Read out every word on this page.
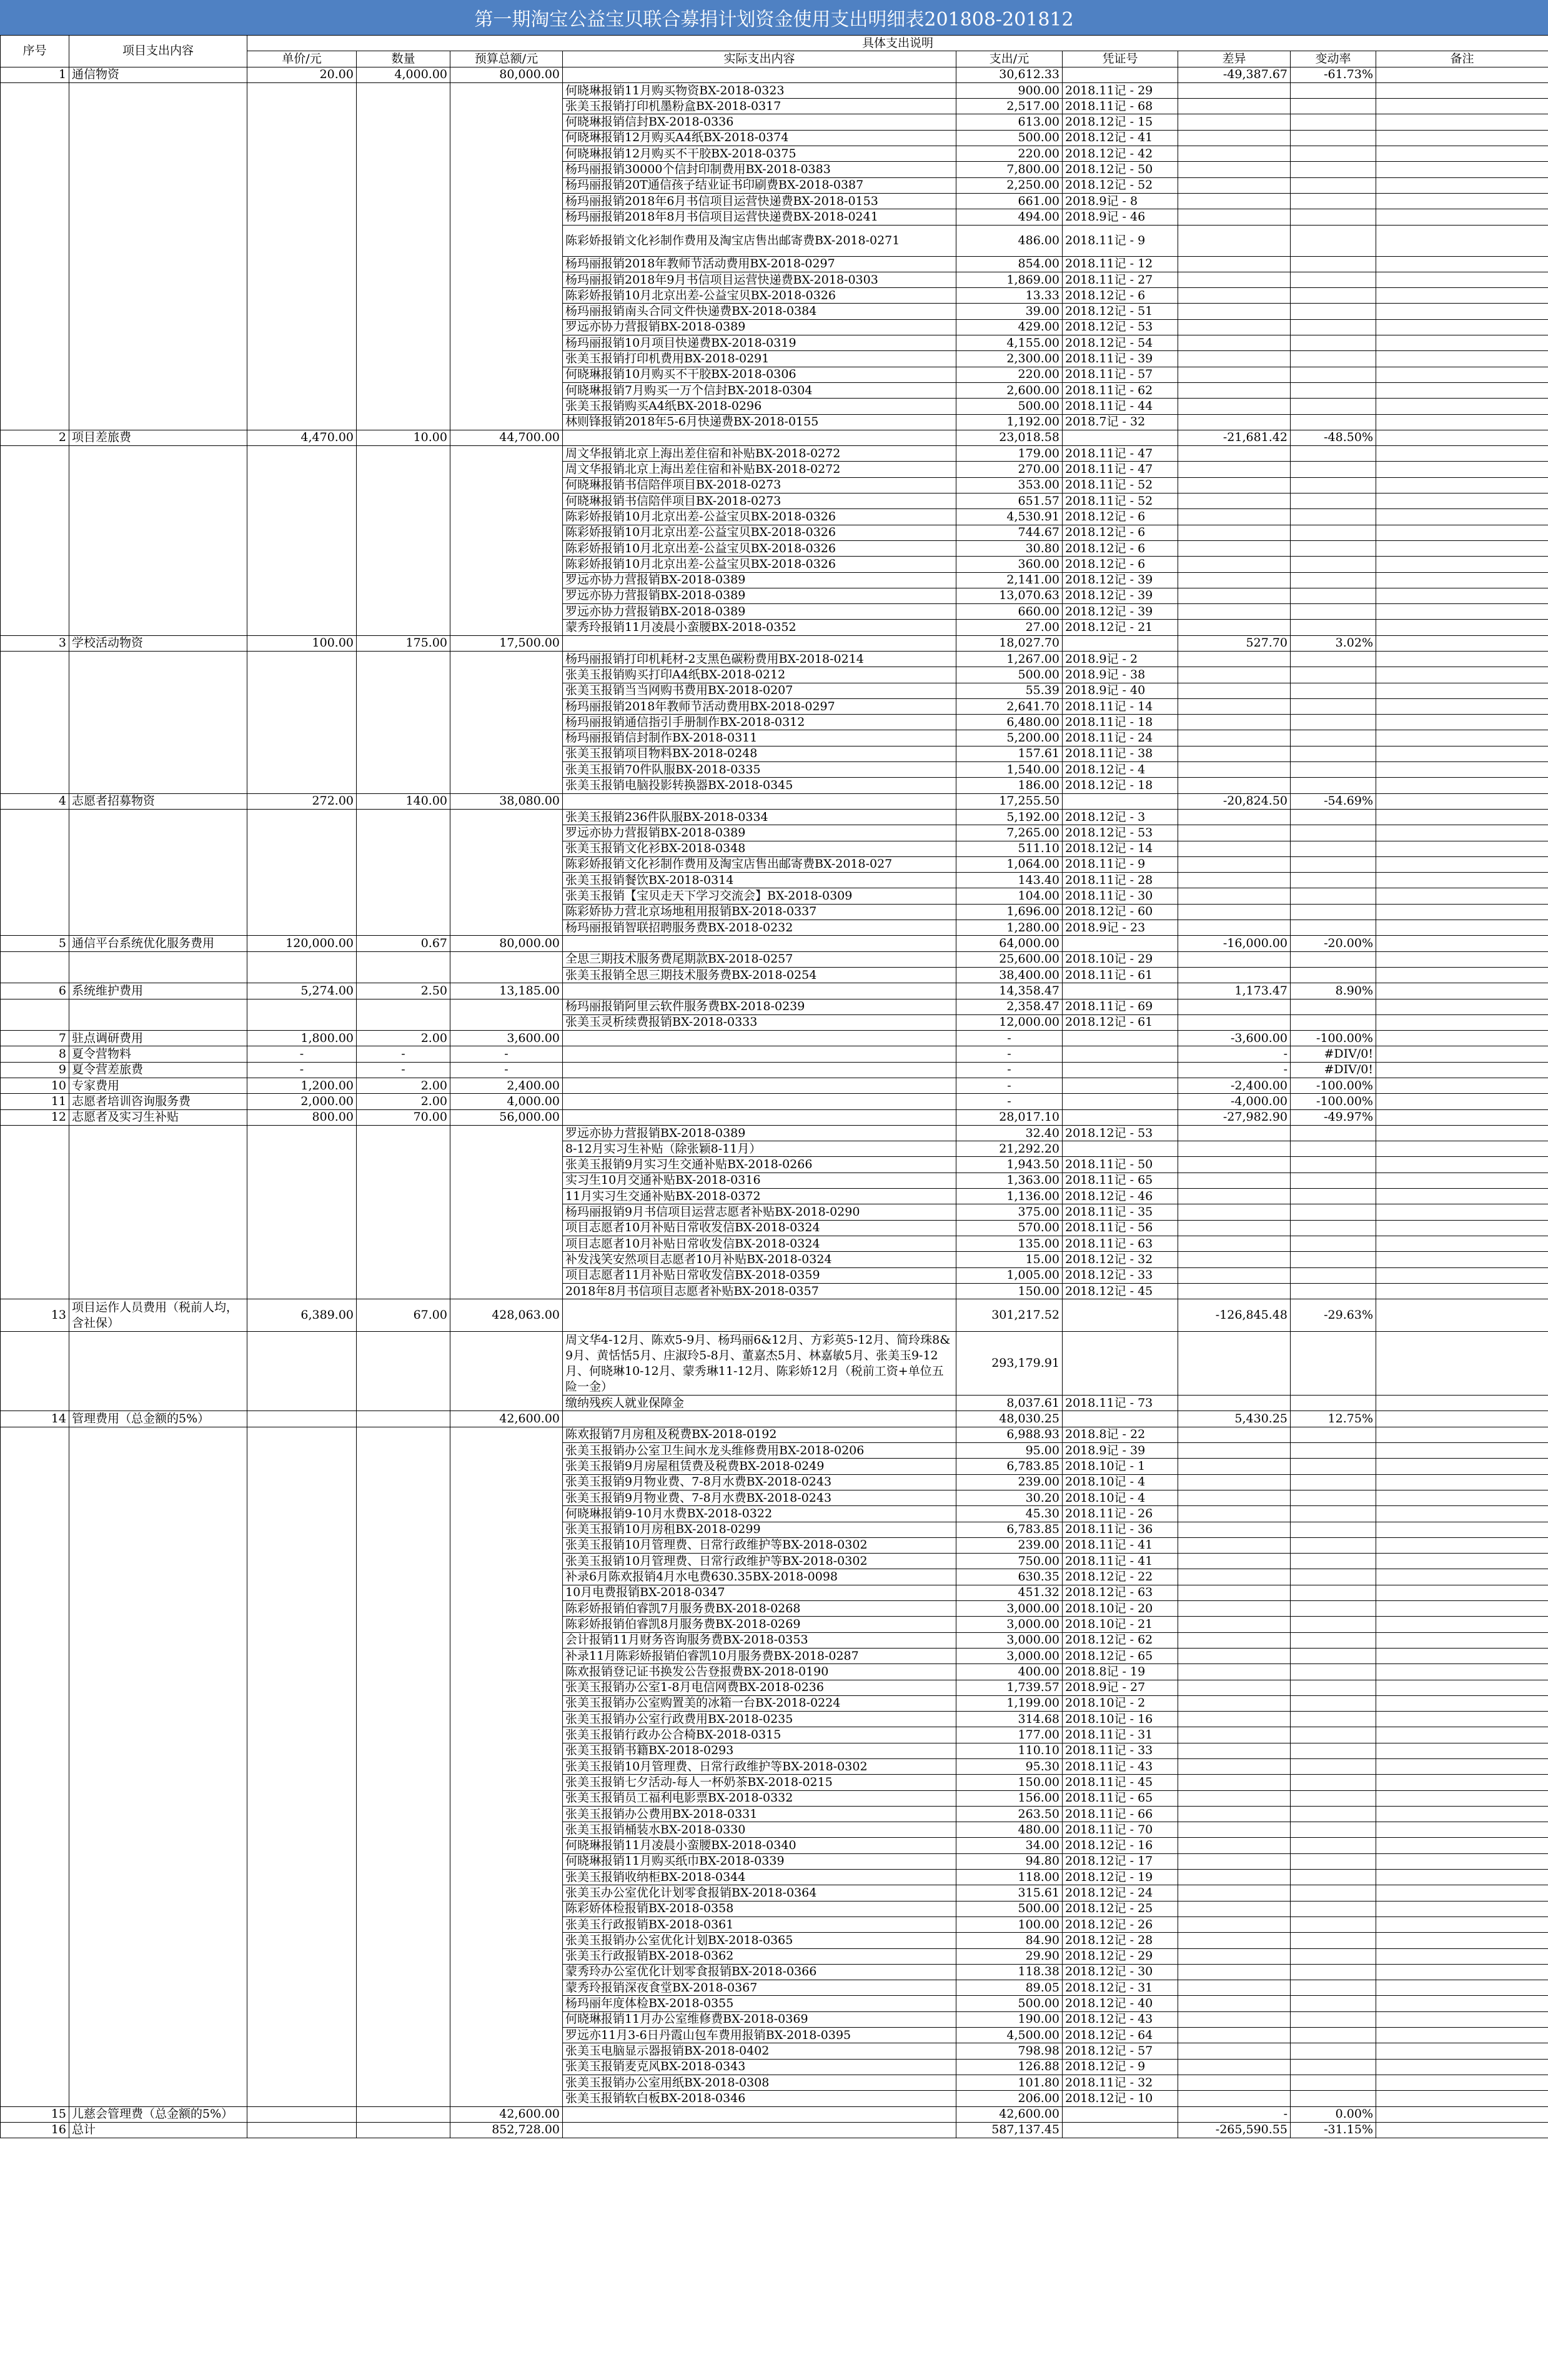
第一期淘宝公益宝贝联合募捐计划资金使用支出明细表201808-201812
序号	项目支出内容	具体支出说明								
		单价/元	数量	预算总额/元	实际支出内容	支出/元	凭证号	差异	变动率	备注
1	通信物资	20.00	4,000.00	80,000.00		30,612.33		-49,387.67	-61.73%	
					何晓琳报销11月购买物资BX-2018-0323	900.00	2018.11记 - 29			
					张美玉报销打印机墨粉盒BX-2018-0317	2,517.00	2018.11记 - 68			
					何晓琳报销信封BX-2018-0336	613.00	2018.12记 - 15			
					何晓琳报销12月购买A4纸BX-2018-0374	500.00	2018.12记 - 41			
					何晓琳报销12月购买不干胶BX-2018-0375	220.00	2018.12记 - 42			
					杨玛丽报销30000个信封印制费用BX-2018-0383	7,800.00	2018.12记 - 50			
					杨玛丽报销20T通信孩子结业证书印刷费BX-2018-0387	2,250.00	2018.12记 - 52			
					杨玛丽报销2018年6月书信项目运营快递费BX-2018-0153	661.00	2018.9记 - 8			
					杨玛丽报销2018年8月书信项目运营快递费BX-2018-0241	494.00	2018.9记 - 46			
					陈彩娇报销文化衫制作费用及淘宝店售出邮寄费BX-2018-0271	486.00	2018.11记 - 9			
					杨玛丽报销2018年教师节活动费用BX-2018-0297	854.00	2018.11记 - 12			
					杨玛丽报销2018年9月书信项目运营快递费BX-2018-0303	1,869.00	2018.11记 - 27			
					陈彩娇报销10月北京出差-公益宝贝BX-2018-0326	13.33	2018.12记 - 6			
					杨玛丽报销南头合同文件快递费BX-2018-0384	39.00	2018.12记 - 51			
					罗远亦协力营报销BX-2018-0389	429.00	2018.12记 - 53			
					杨玛丽报销10月项目快递费BX-2018-0319	4,155.00	2018.12记 - 54			
					张美玉报销打印机费用BX-2018-0291	2,300.00	2018.11记 - 39			
					何晓琳报销10月购买不干胶BX-2018-0306	220.00	2018.11记 - 57			
					何晓琳报销7月购买一万个信封BX-2018-0304	2,600.00	2018.11记 - 62			
					张美玉报销购买A4纸BX-2018-0296	500.00	2018.11记 - 44			
					林则锋报销2018年5-6月快递费BX-2018-0155	1,192.00	2018.7记 - 32			
2	项目差旅费	4,470.00	10.00	44,700.00		23,018.58		-21,681.42	-48.50%	
					周文华报销北京上海出差住宿和补贴BX-2018-0272	179.00	2018.11记 - 47			
					周文华报销北京上海出差住宿和补贴BX-2018-0272	270.00	2018.11记 - 47			
					何晓琳报销书信陪伴项目BX-2018-0273	353.00	2018.11记 - 52			
					何晓琳报销书信陪伴项目BX-2018-0273	651.57	2018.11记 - 52			
					陈彩娇报销10月北京出差-公益宝贝BX-2018-0326	4,530.91	2018.12记 - 6			
					陈彩娇报销10月北京出差-公益宝贝BX-2018-0326	744.67	2018.12记 - 6			
					陈彩娇报销10月北京出差-公益宝贝BX-2018-0326	30.80	2018.12记 - 6			
					陈彩娇报销10月北京出差-公益宝贝BX-2018-0326	360.00	2018.12记 - 6			
					罗远亦协力营报销BX-2018-0389	2,141.00	2018.12记 - 39			
					罗远亦协力营报销BX-2018-0389	13,070.63	2018.12记 - 39			
					罗远亦协力营报销BX-2018-0389	660.00	2018.12记 - 39			
					蒙秀玲报销11月凌晨小蛮腰BX-2018-0352	27.00	2018.12记 - 21			
3	学校活动物资	100.00	175.00	17,500.00		18,027.70		527.70	3.02%	
					杨玛丽报销打印机耗材-2支黑色碳粉费用BX-2018-0214	1,267.00	2018.9记 - 2			
					张美玉报销购买打印A4纸BX-2018-0212	500.00	2018.9记 - 38			
					张美玉报销当当网购书费用BX-2018-0207	55.39	2018.9记 - 40			
					杨玛丽报销2018年教师节活动费用BX-2018-0297	2,641.70	2018.11记 - 14			
					杨玛丽报销通信指引手册制作BX-2018-0312	6,480.00	2018.11记 - 18			
					杨玛丽报销信封制作BX-2018-0311	5,200.00	2018.11记 - 24			
					张美玉报销项目物料BX-2018-0248	157.61	2018.11记 - 38			
					张美玉报销70件队服BX-2018-0335	1,540.00	2018.12记 - 4			
					张美玉报销电脑投影转换器BX-2018-0345	186.00	2018.12记 - 18			
4	志愿者招募物资	272.00	140.00	38,080.00		17,255.50		-20,824.50	-54.69%	
					张美玉报销236件队服BX-2018-0334	5,192.00	2018.12记 - 3			
					罗远亦协力营报销BX-2018-0389	7,265.00	2018.12记 - 53			
					张美玉报销文化衫BX-2018-0348	511.10	2018.12记 - 14			
					陈彩娇报销文化衫制作费用及淘宝店售出邮寄费BX-2018-027	1,064.00	2018.11记 - 9			
					张美玉报销餐饮BX-2018-0314	143.40	2018.11记 - 28			
					张美玉报销【宝贝走天下学习交流会】BX-2018-0309	104.00	2018.11记 - 30			
					陈彩娇协力营北京场地租用报销BX-2018-0337	1,696.00	2018.12记 - 60			
					杨玛丽报销智联招聘服务费BX-2018-0232	1,280.00	2018.9记 - 23			
5	通信平台系统优化服务费用	120,000.00	0.67	80,000.00		64,000.00		-16,000.00	-20.00%	
					全思三期技术服务费尾期款BX-2018-0257	25,600.00	2018.10记 - 29			
					张美玉报销全思三期技术服务费BX-2018-0254	38,400.00	2018.11记 - 61			
6	系统维护费用	5,274.00	2.50	13,185.00		14,358.47		1,173.47	8.90%	
					杨玛丽报销阿里云软件服务费BX-2018-0239	2,358.47	2018.11记 - 69			
					张美玉灵析续费报销BX-2018-0333	12,000.00	2018.12记 - 61			
7	驻点调研费用	1,800.00	2.00	3,600.00		-		-3,600.00	-100.00%	
8	夏令营物料	-	-	-		-		-	#DIV/0!	
9	夏令营差旅费	-	-	-		-		-	#DIV/0!	
10	专家费用	1,200.00	2.00	2,400.00		-		-2,400.00	-100.00%	
11	志愿者培训咨询服务费	2,000.00	2.00	4,000.00		-		-4,000.00	-100.00%	
12	志愿者及实习生补贴	800.00	70.00	56,000.00		28,017.10		-27,982.90	-49.97%	
					罗远亦协力营报销BX-2018-0389	32.40	2018.12记 - 53			
					8-12月实习生补贴（除张颖8-11月）	21,292.20				
					张美玉报销9月实习生交通补贴BX-2018-0266	1,943.50	2018.11记 - 50			
					实习生10月交通补贴BX-2018-0316	1,363.00	2018.11记 - 65			
					11月实习生交通补贴BX-2018-0372	1,136.00	2018.12记 - 46			
					杨玛丽报销9月书信项目运营志愿者补贴BX-2018-0290	375.00	2018.11记 - 35			
					项目志愿者10月补贴日常收发信BX-2018-0324	570.00	2018.11记 - 56			
					项目志愿者10月补贴日常收发信BX-2018-0324	135.00	2018.11记 - 63			
					补发浅笑安然项目志愿者10月补贴BX-2018-0324	15.00	2018.12记 - 32			
					项目志愿者11月补贴日常收发信BX-2018-0359	1,005.00	2018.12记 - 33			
					2018年8月书信项目志愿者补贴BX-2018-0357	150.00	2018.12记 - 45			
13	项目运作人员费用（税前人均，含社保）	6,389.00	67.00	428,063.00		301,217.52		-126,845.48	-29.63%	
					周文华4-12月、陈欢5-9月、杨玛丽6&12月、方彩英5-12月、简玲珠8&9月、黄恬恬5月、庄淑玲5-8月、董嘉杰5月、林嘉敏5月、张美玉9-12月、何晓琳10-12月、蒙秀琳11-12月、陈彩娇12月（税前工资+单位五险一金）	293,179.91				
					缴纳残疾人就业保障金	8,037.61	2018.11记 - 73			
14	管理费用（总金额的5%）			42,600.00		48,030.25		5,430.25	12.75%	
					陈欢报销7月房租及税费BX-2018-0192	6,988.93	2018.8记 - 22			
					张美玉报销办公室卫生间水龙头维修费用BX-2018-0206	95.00	2018.9记 - 39			
					张美玉报销9月房屋租赁费及税费BX-2018-0249	6,783.85	2018.10记 - 1			
					张美玉报销9月物业费、7-8月水费BX-2018-0243	239.00	2018.10记 - 4			
					张美玉报销9月物业费、7-8月水费BX-2018-0243	30.20	2018.10记 - 4			
					何晓琳报销9-10月水费BX-2018-0322	45.30	2018.11记 - 26			
					张美玉报销10月房租BX-2018-0299	6,783.85	2018.11记 - 36			
					张美玉报销10月管理费、日常行政维护等BX-2018-0302	239.00	2018.11记 - 41			
					张美玉报销10月管理费、日常行政维护等BX-2018-0302	750.00	2018.11记 - 41			
					补录6月陈欢报销4月水电费630.35BX-2018-0098	630.35	2018.12记 - 22			
					10月电费报销BX-2018-0347	451.32	2018.12记 - 63			
					陈彩娇报销伯睿凯7月服务费BX-2018-0268	3,000.00	2018.10记 - 20			
					陈彩娇报销伯睿凯8月服务费BX-2018-0269	3,000.00	2018.10记 - 21			
					会计报销11月财务咨询服务费BX-2018-0353	3,000.00	2018.12记 - 62			
					补录11月陈彩娇报销伯睿凯10月服务费BX-2018-0287	3,000.00	2018.12记 - 65			
					陈欢报销登记证书换发公告登报费BX-2018-0190	400.00	2018.8记 - 19			
					张美玉报销办公室1-8月电信网费BX-2018-0236	1,739.57	2018.9记 - 27			
					张美玉报销办公室购置美的冰箱一台BX-2018-0224	1,199.00	2018.10记 - 2			
					张美玉报销办公室行政费用BX-2018-0235	314.68	2018.10记 - 16			
					张美玉报销行政办公合椅BX-2018-0315	177.00	2018.11记 - 31			
					张美玉报销书籍BX-2018-0293	110.10	2018.11记 - 33			
					张美玉报销10月管理费、日常行政维护等BX-2018-0302	95.30	2018.11记 - 43			
					张美玉报销七夕活动-每人一杯奶茶BX-2018-0215	150.00	2018.11记 - 45			
					张美玉报销员工福利电影票BX-2018-0332	156.00	2018.11记 - 65			
					张美玉报销办公费用BX-2018-0331	263.50	2018.11记 - 66			
					张美玉报销桶装水BX-2018-0330	480.00	2018.11记 - 70			
					何晓琳报销11月凌晨小蛮腰BX-2018-0340	34.00	2018.12记 - 16			
					何晓琳报销11月购买纸巾BX-2018-0339	94.80	2018.12记 - 17			
					张美玉报销收纳柜BX-2018-0344	118.00	2018.12记 - 19			
					张美玉办公室优化计划零食报销BX-2018-0364	315.61	2018.12记 - 24			
					陈彩娇体检报销BX-2018-0358	500.00	2018.12记 - 25			
					张美玉行政报销BX-2018-0361	100.00	2018.12记 - 26			
					张美玉报销办公室优化计划BX-2018-0365	84.90	2018.12记 - 28			
					张美玉行政报销BX-2018-0362	29.90	2018.12记 - 29			
					蒙秀玲办公室优化计划零食报销BX-2018-0366	118.38	2018.12记 - 30			
					蒙秀玲报销深夜食堂BX-2018-0367	89.05	2018.12记 - 31			
					杨玛丽年度体检BX-2018-0355	500.00	2018.12记 - 40			
					何晓琳报销11月办公室维修费BX-2018-0369	190.00	2018.12记 - 43			
					罗远亦11月3-6日丹霞山包车费用报销BX-2018-0395	4,500.00	2018.12记 - 64			
					张美玉电脑显示器报销BX-2018-0402	798.98	2018.12记 - 57			
					张美玉报销麦克风BX-2018-0343	126.88	2018.12记 - 9			
					张美玉报销办公室用纸BX-2018-0308	101.80	2018.11记 - 32			
					张美玉报销软白板BX-2018-0346	206.00	2018.12记 - 10			
15	儿慈会管理费（总金额的5%）			42,600.00		42,600.00		-	0.00%	
16	总计			852,728.00		587,137.45		-265,590.55	-31.15%	
